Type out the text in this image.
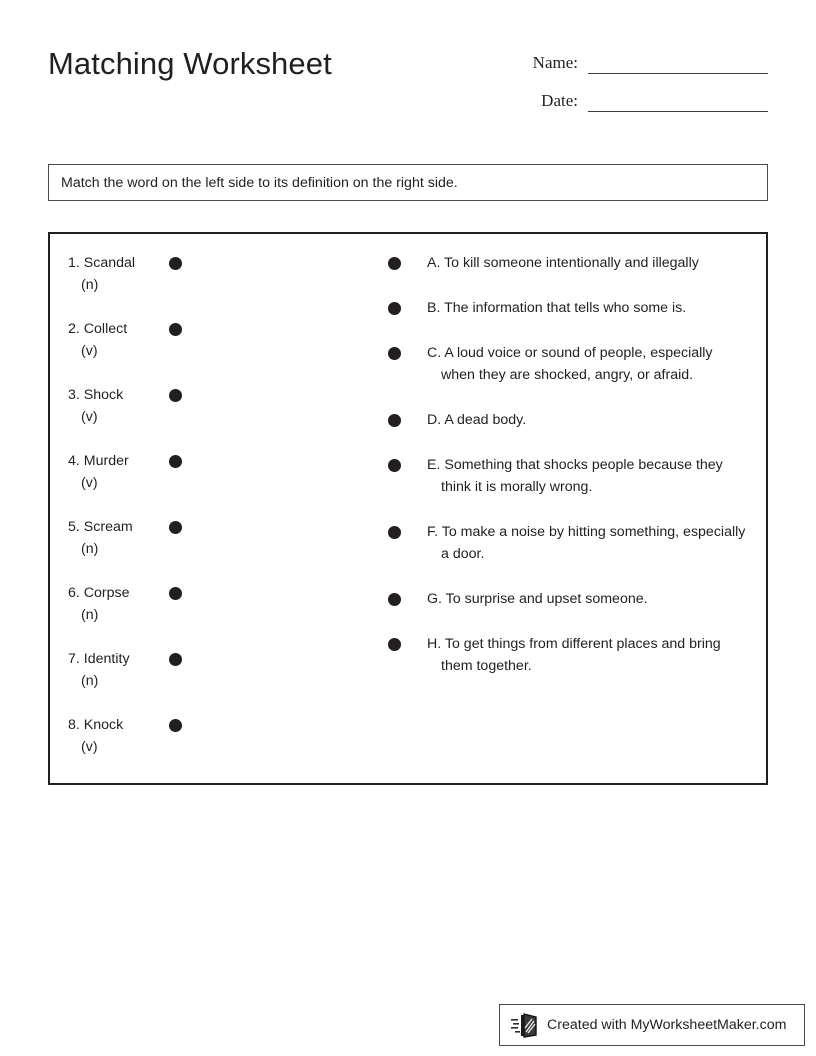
Matching Worksheet	Name:
Date:
Match the word on the left side to its definition on the right side.
1. Scandal
(n)
2. Collect
(v)
3. Shock
(v)
4. Murder
(v)
5. Scream
(n)
6. Corpse
(n)
7. Identity
(n)
8. Knock
(v)
A. To kill someone intentionally and illegally
B. The information that tells who some is.
C. A loud voice or sound of people, especially when they are shocked, angry, or afraid.
D. A dead body.
E. Something that shocks people because they think it is morally wrong.
F. To make a noise by hitting something, especially a door.
G. To surprise and upset someone.
H. To get things from different places and bring them together.
Created with MyWorksheetMaker.com
